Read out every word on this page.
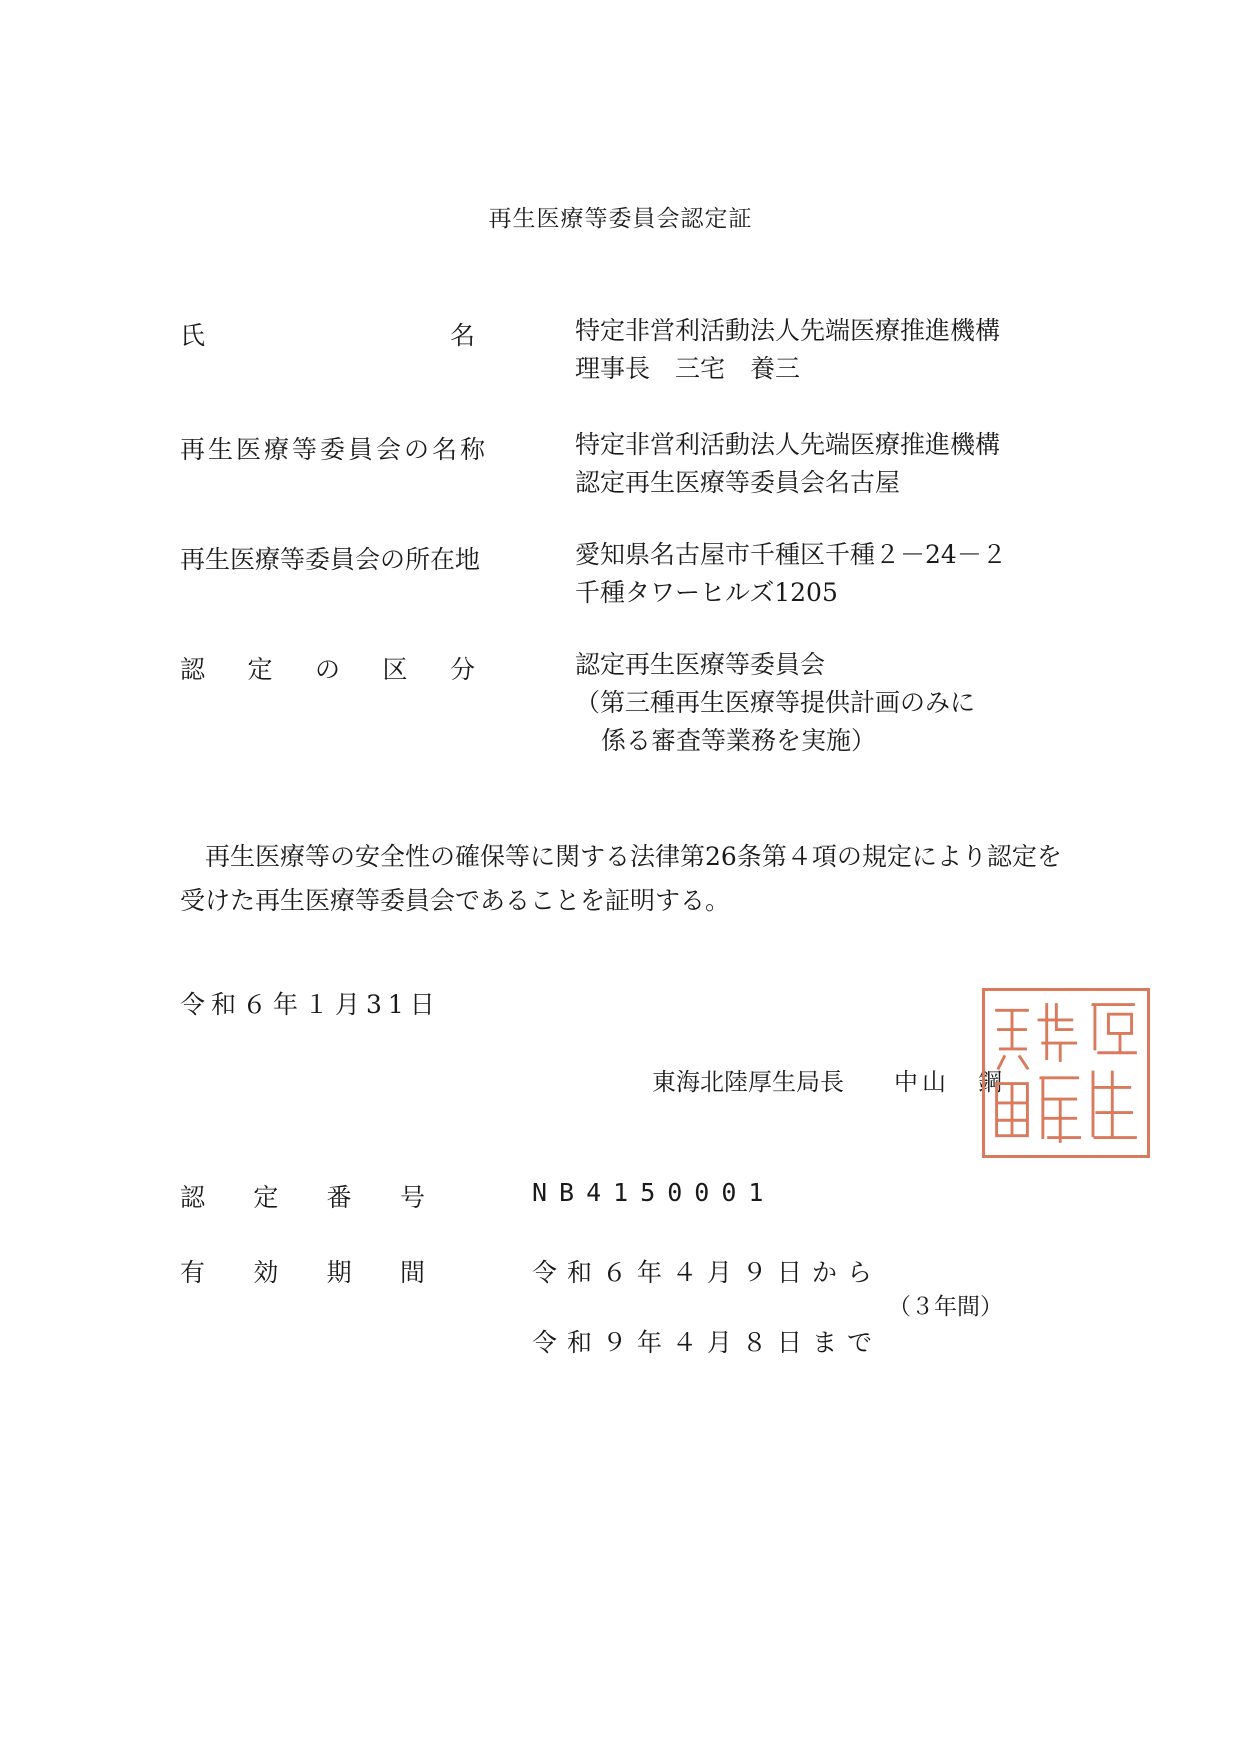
再生医療等委員会認定証
氏	名	特定非営利活動法人先端医療推進機構
理事長　三宅　養三
再生医療等委員会の名称	特定非営利活動法人先端医療推進機構
認定再生医療等委員会名古屋
再生医療等委員会の所在地	愛知県名古屋市千種区千種２－24－２
千種タワーヒルズ1205
認 定 の 区 分	認定再生医療等委員会
（第三種再生医療等提供計画のみに
係る審査等業務を実施）
　再生医療等の安全性の確保等に関する法律第26条第４項の規定により認定を
受けた再生医療等委員会であることを証明する。
令和６年１月31日
東海北陸厚生局長 中山　鋼
認 定 番 号	NB4150001
有 効 期 間	令和６年４月９日から
（３年間）
令和９年４月８日まで
